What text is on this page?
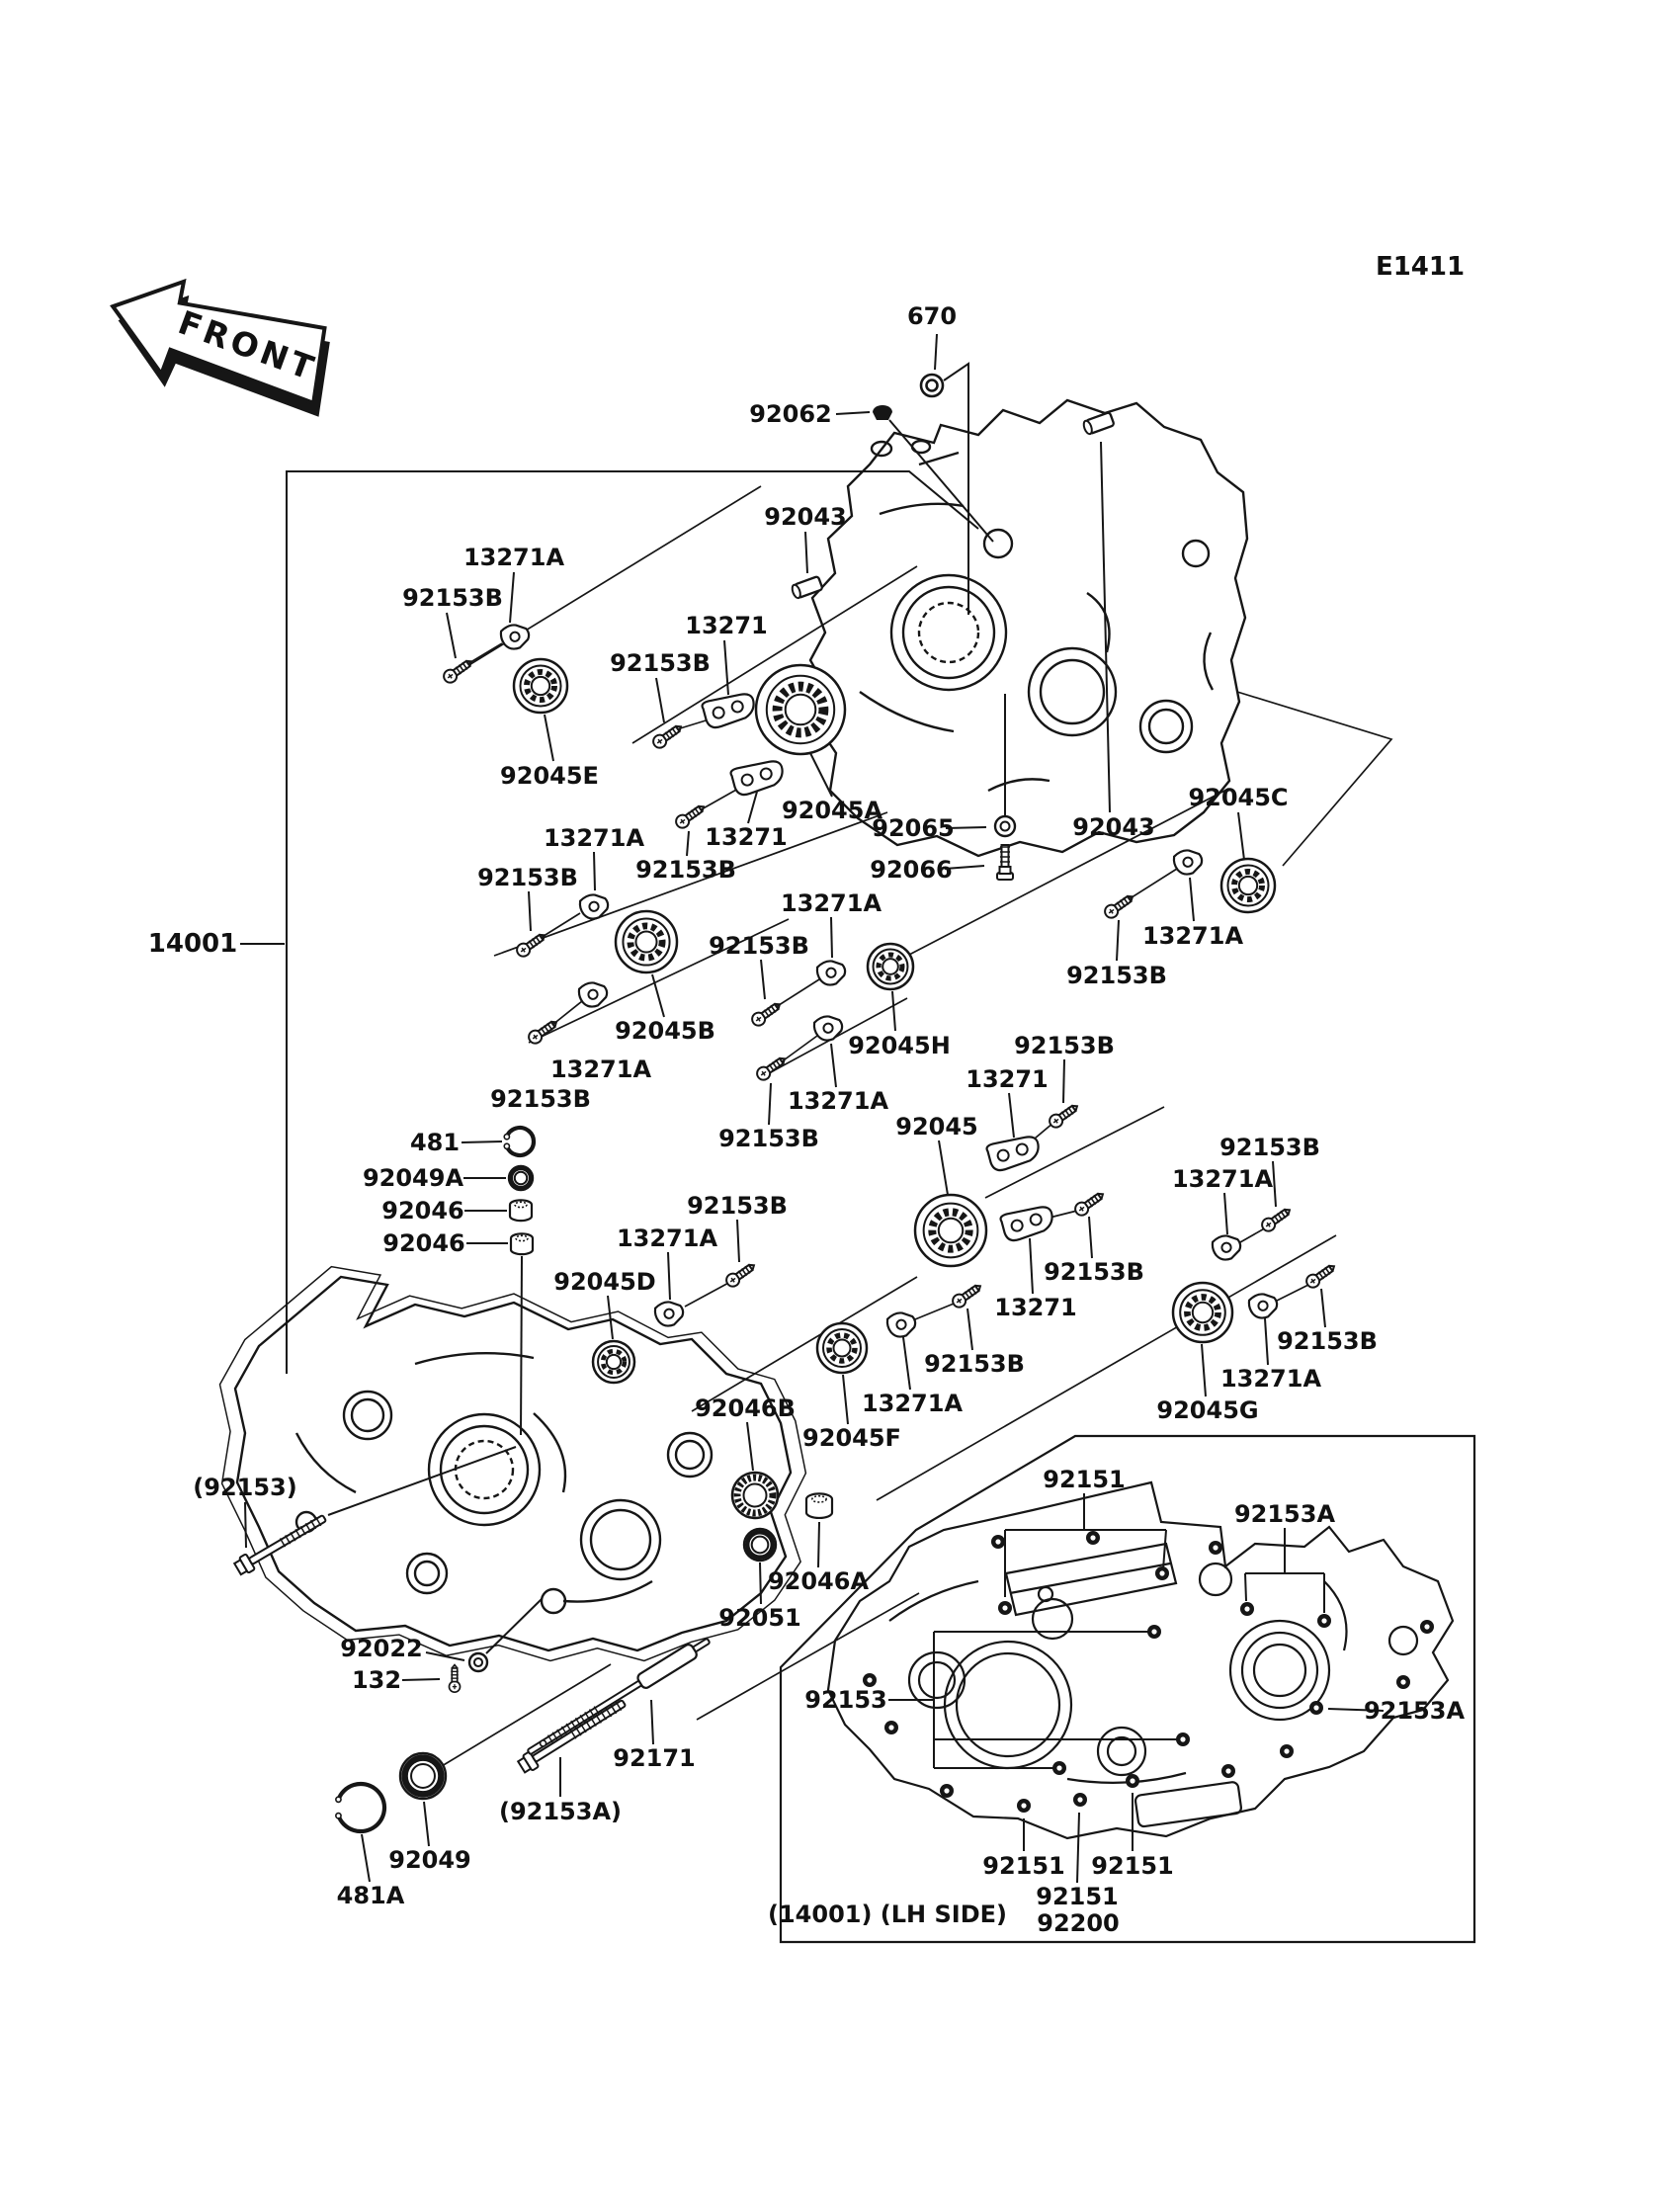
FRONT
E1411
670
92062
92043
13271A
92153B
13271
92153B
92045E
92045A
92065
92066
92043
92045C
13271A	13271
92153B 92153B
13271A
13271A
92153B
14001
92153B
92045B
92045H	92153B
13271A	13271
92153B	13271A
92045
92153B
481	92153B
92049A	13271A
92153B
92046
13271A
92046
92153B
92045D
13271
92153B
92153B
13271A
13271A	92045G
92046B
92045F
92151
(92153)
92153A
92046A
92051
92022
132
92153	92153A
92171
(92153A)
92049
481A
92151 92151
92151
92200
(14001) (LH SIDE)
